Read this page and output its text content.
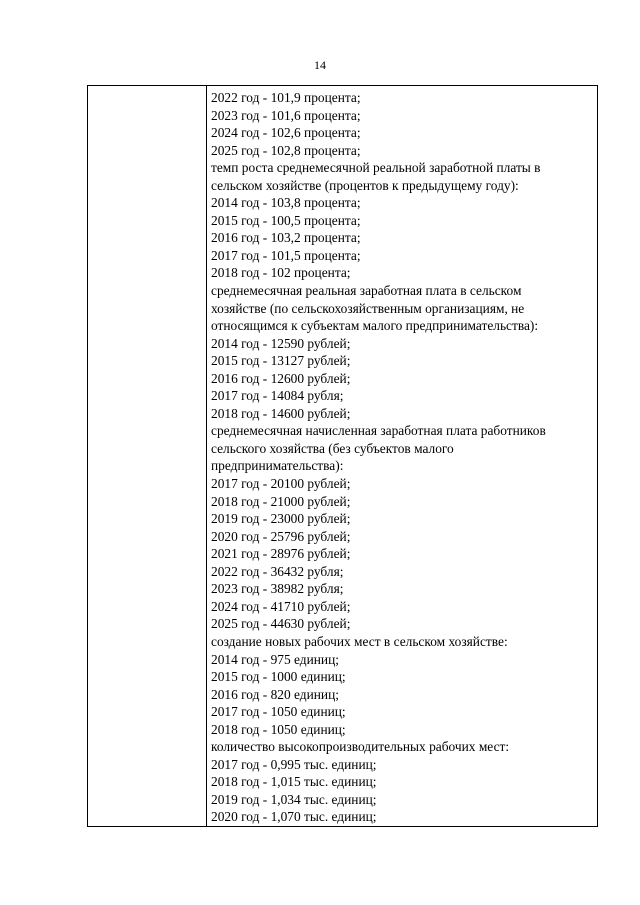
14

2022 год - 101,9 процента;
2023 год - 101,6 процента;
2024 год - 102,6 процента;
2025 год - 102,8 процента;
темп роста среднемесячной реальной заработной платы в
сельском хозяйстве (процентов к предыдущему году):
2014 год - 103,8 процента;
2015 год - 100,5 процента;
2016 год - 103,2 процента;
2017 год - 101,5 процента;
2018 год - 102 процента;
среднемесячная реальная заработная плата в сельском
хозяйстве (по сельскохозяйственным организациям, не
относящимся к субъектам малого предпринимательства):
2014 год - 12590 рублей;
2015 год - 13127 рублей;
2016 год - 12600 рублей;
2017 год - 14084 рубля;
2018 год - 14600 рублей;
среднемесячная начисленная заработная плата работников
сельского хозяйства (без субъектов малого
предпринимательства):
2017 год - 20100 рублей;
2018 год - 21000 рублей;
2019 год - 23000 рублей;
2020 год - 25796 рублей;
2021 год - 28976 рублей;
2022 год - 36432 рубля;
2023 год - 38982 рубля;
2024 год - 41710 рублей;
2025 год - 44630 рублей;
создание новых рабочих мест в сельском хозяйстве:
2014 год - 975 единиц;
2015 год - 1000 единиц;
2016 год - 820 единиц;
2017 год - 1050 единиц;
2018 год - 1050 единиц;
количество высокопроизводительных рабочих мест:
2017 год - 0,995 тыс. единиц;
2018 год - 1,015 тыс. единиц;
2019 год - 1,034 тыс. единиц;
2020 год - 1,070 тыс. единиц;
